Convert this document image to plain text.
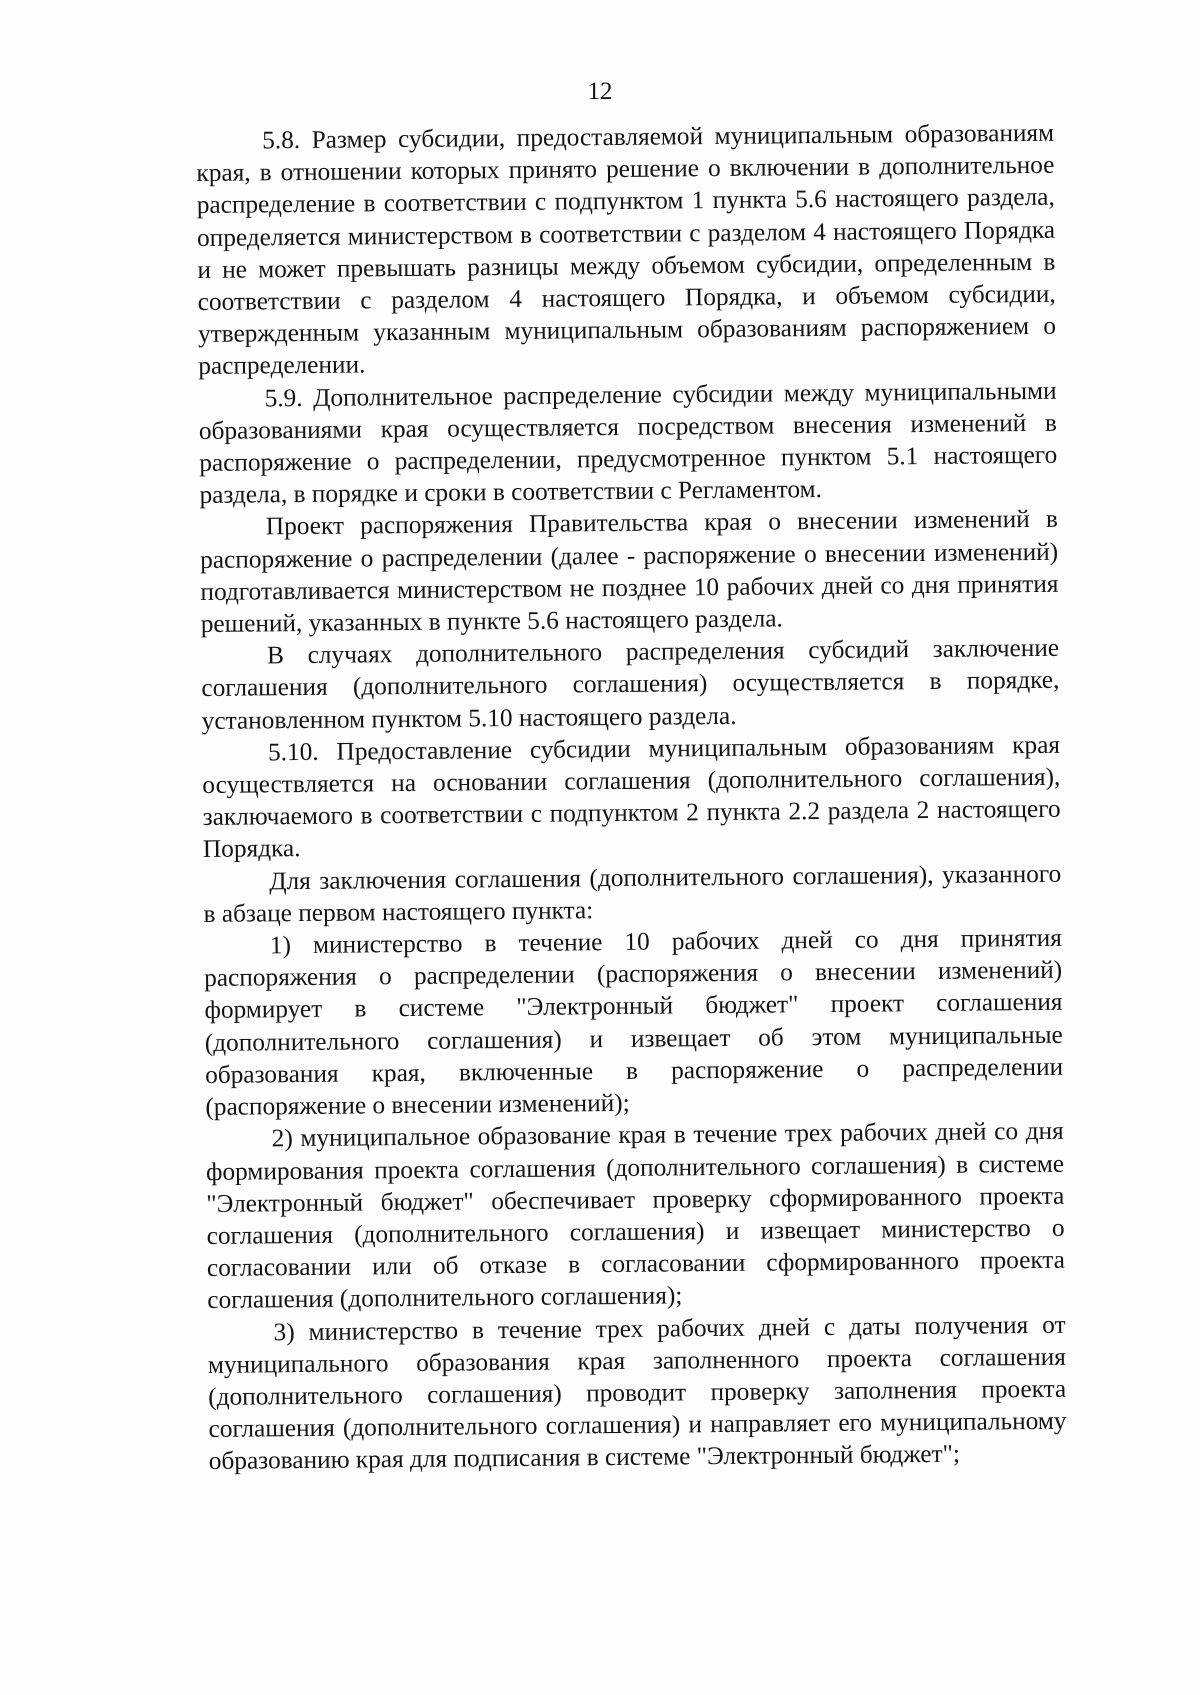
12

5.8. Размер субсидии, предоставляемой муниципальным образованиям края, в отношении которых принято решение о включении в дополнительное распределение в соответствии с подпунктом 1 пункта 5.6 настоящего раздела, определяется министерством в соответствии с разделом 4 настоящего Порядка и не может превышать разницы между объемом субсидии, определенным в соответствии с разделом 4 настоящего Порядка, и объемом субсидии, утвержденным указанным муниципальным образованиям распоряжением о распределении.

5.9. Дополнительное распределение субсидии между муниципальными образованиями края осуществляется посредством внесения изменений в распоряжение о распределении, предусмотренное пунктом 5.1 настоящего раздела, в порядке и сроки в соответствии с Регламентом.

Проект распоряжения Правительства края о внесении изменений в распоряжение о распределении (далее - распоряжение о внесении изменений) подготавливается министерством не позднее 10 рабочих дней со дня принятия решений, указанных в пункте 5.6 настоящего раздела.

В случаях дополнительного распределения субсидий заключение соглашения (дополнительного соглашения) осуществляется в порядке, установленном пунктом 5.10 настоящего раздела.

5.10. Предоставление субсидии муниципальным образованиям края осуществляется на основании соглашения (дополнительного соглашения), заключаемого в соответствии с подпунктом 2 пункта 2.2 раздела 2 настоящего Порядка.

Для заключения соглашения (дополнительного соглашения), указанного в абзаце первом настоящего пункта:

1) министерство в течение 10 рабочих дней со дня принятия распоряжения о распределении (распоряжения о внесении изменений) формирует в системе "Электронный бюджет" проект соглашения (дополнительного соглашения) и извещает об этом муниципальные образования края, включенные в распоряжение о распределении (распоряжение о внесении изменений);

2) муниципальное образование края в течение трех рабочих дней со дня формирования проекта соглашения (дополнительного соглашения) в системе "Электронный бюджет" обеспечивает проверку сформированного проекта соглашения (дополнительного соглашения) и извещает министерство о согласовании или об отказе в согласовании сформированного проекта соглашения (дополнительного соглашения);

3) министерство в течение трех рабочих дней с даты получения от муниципального образования края заполненного проекта соглашения (дополнительного соглашения) проводит проверку заполнения проекта соглашения (дополнительного соглашения) и направляет его муниципальному образованию края для подписания в системе "Электронный бюджет";
